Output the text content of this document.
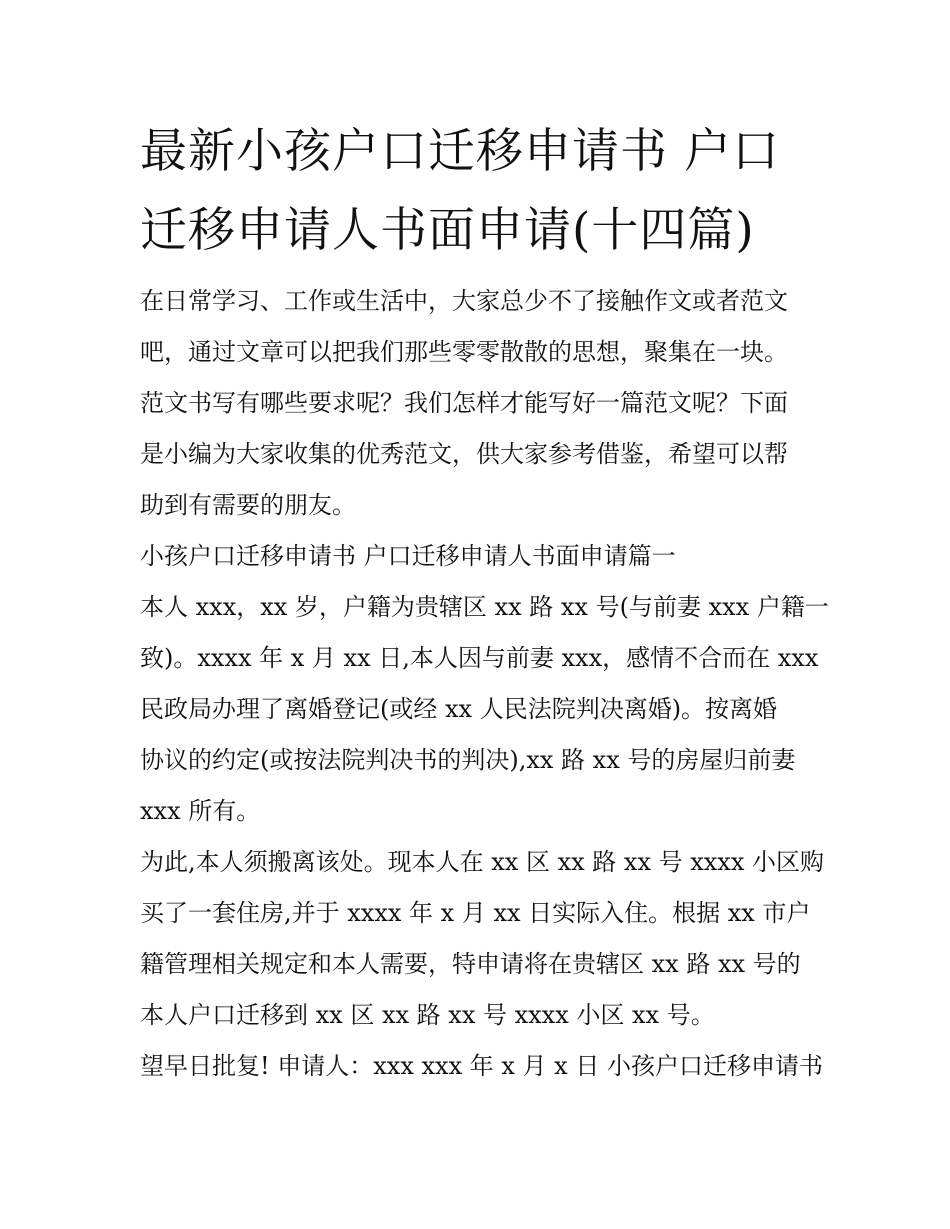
最新小孩户口迁移申请书 户口
迁移申请人书面申请(十四篇)

在日常学习、工作或生活中，大家总少不了接触作文或者范文
吧，通过文章可以把我们那些零零散散的思想，聚集在一块。
范文书写有哪些要求呢？我们怎样才能写好一篇范文呢？下面
是小编为大家收集的优秀范文，供大家参考借鉴，希望可以帮
助到有需要的朋友。

小孩户口迁移申请书 户口迁移申请人书面申请篇一

本人 xxx，xx 岁，户籍为贵辖区 xx 路 xx 号(与前妻 xxx 户籍一
致)。xxxx 年 x 月 xx 日,本人因与前妻 xxx，感情不合而在 xxx
民政局办理了离婚登记(或经 xx 人民法院判决离婚)。按离婚
协议的约定(或按法院判决书的判决),xx 路 xx 号的房屋归前妻
xxx 所有。

为此,本人须搬离该处。现本人在 xx 区 xx 路 xx 号 xxxx 小区购
买了一套住房,并于 xxxx 年 x 月 xx 日实际入住。根据 xx 市户
籍管理相关规定和本人需要，特申请将在贵辖区 xx 路 xx 号的
本人户口迁移到 xx 区 xx 路 xx 号 xxxx 小区 xx 号。

望早日批复! 申请人：xxx xxx 年 x 月 x 日 小孩户口迁移申请书
